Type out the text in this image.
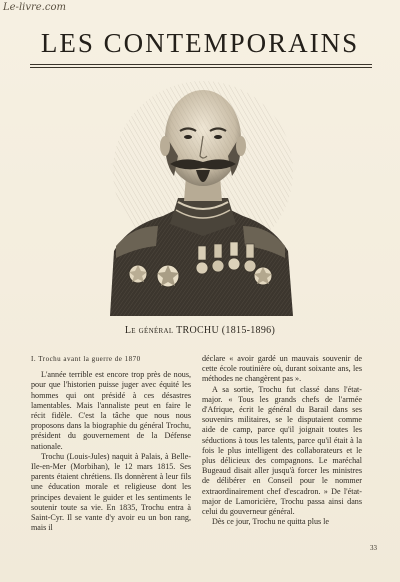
Le-livre.com
LES CONTEMPORAINS
Le général TROCHU (1815-1896)

I. Trochu avant la guerre de 1870

L'année terrible est encore trop près de nous, pour que l'historien puisse juger avec équité les hommes qui ont présidé à ces désastres lamentables. Mais l'annaliste peut en faire le récit fidèle. C'est la tâche que nous nous proposons dans la biographie du général Trochu, président du gouvernement de la Défense nationale.

Trochu (Louis-Jules) naquit à Palais, à Belle-Ile-en-Mer (Morbihan), le 12 mars 1815. Ses parents étaient chrétiens. Ils donnèrent à leur fils une éducation morale et religieuse dont les principes devaient le guider et les sentiments le soutenir toute sa vie. En 1835, Trochu entra à Saint-Cyr. Il se vante d'y avoir eu un bon rang, mais il

déclare « avoir gardé un mauvais souvenir de cette école routinière où, durant soixante ans, les méthodes ne changèrent pas ».

A sa sortie, Trochu fut classé dans l'état-major. « Tous les grands chefs de l'armée d'Afrique, écrit le général du Barail dans ses souvenirs militaires, se le disputaient comme aide de camp, parce qu'il joignait toutes les séductions à tous les talents, parce qu'il était à la fois le plus intelligent des collaborateurs et le plus délicieux des compagnons. Le maréchal Bugeaud disait aller jusqu'à forcer les ministres de délibérer en Conseil pour le nommer extraordinairement chef d'escadron. » De l'état-major de Lamoricière, Trochu passa ainsi dans celui du gouverneur général.

Dès ce jour, Trochu ne quitta plus le

33
